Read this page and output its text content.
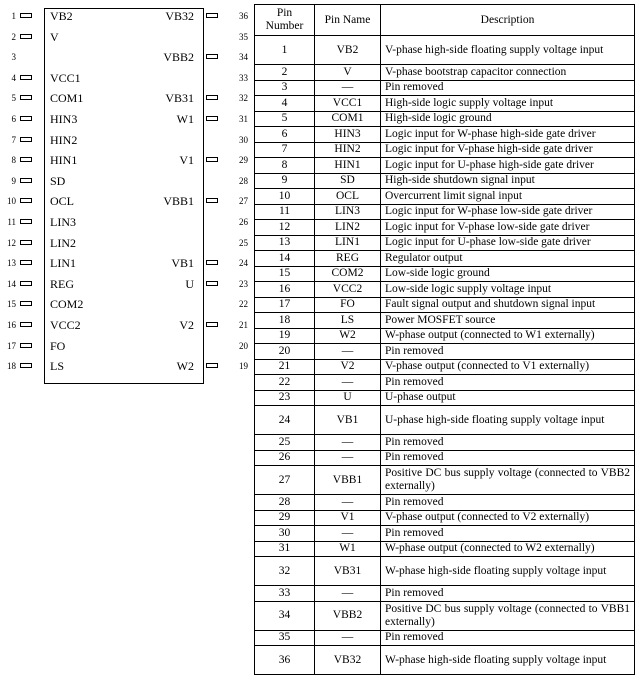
1	VB2
2	V
3
4	VCC1
5	COM1
6	HIN3
7	HIN2
8	HIN1
9	SD
10	OCL
11	LIN3
12	LIN2
13	LIN1
14	REG
15	COM2
16	VCC2
17	FO
18	LS
36
VB32
35
34
VBB2
33
32
VB31
31
W1
30
29
V1
28
27
VBB1
26
25
24
VB1
23
U
22
21
V2
20
19
W2
Pin Number	Pin Name	Description
1	VB2	V-phase high-side floating supply voltage input
2	V	V-phase bootstrap capacitor connection
3	—	Pin removed
4	VCC1	High-side logic supply voltage input
5	COM1	High-side logic ground
6	HIN3	Logic input for W-phase high-side gate driver
7	HIN2	Logic input for V-phase high-side gate driver
8	HIN1	Logic input for U-phase high-side gate driver
9	SD	High-side shutdown signal input
10	OCL	Overcurrent limit signal input
11	LIN3	Logic input for W-phase low-side gate driver
12	LIN2	Logic input for V-phase low-side gate driver
13	LIN1	Logic input for U-phase low-side gate driver
14	REG	Regulator output
15	COM2	Low-side logic ground
16	VCC2	Low-side logic supply voltage input
17	FO	Fault signal output and shutdown signal input
18	LS	Power MOSFET source
19	W2	W-phase output (connected to W1 externally)
20	—	Pin removed
21	V2	V-phase output (connected to V1 externally)
22	—	Pin removed
23	U	U-phase output
24	VB1	U-phase high-side floating supply voltage input
25	—	Pin removed
26	—	Pin removed
27	VBB1	Positive DC bus supply voltage (connected to VBB2 externally)
28	—	Pin removed
29	V1	V-phase output (connected to V2 externally)
30	—	Pin removed
31	W1	W-phase output (connected to W2 externally)
32	VB31	W-phase high-side floating supply voltage input
33	—	Pin removed
34	VBB2	Positive DC bus supply voltage (connected to VBB1 externally)
35	—	Pin removed
36	VB32	W-phase high-side floating supply voltage input
